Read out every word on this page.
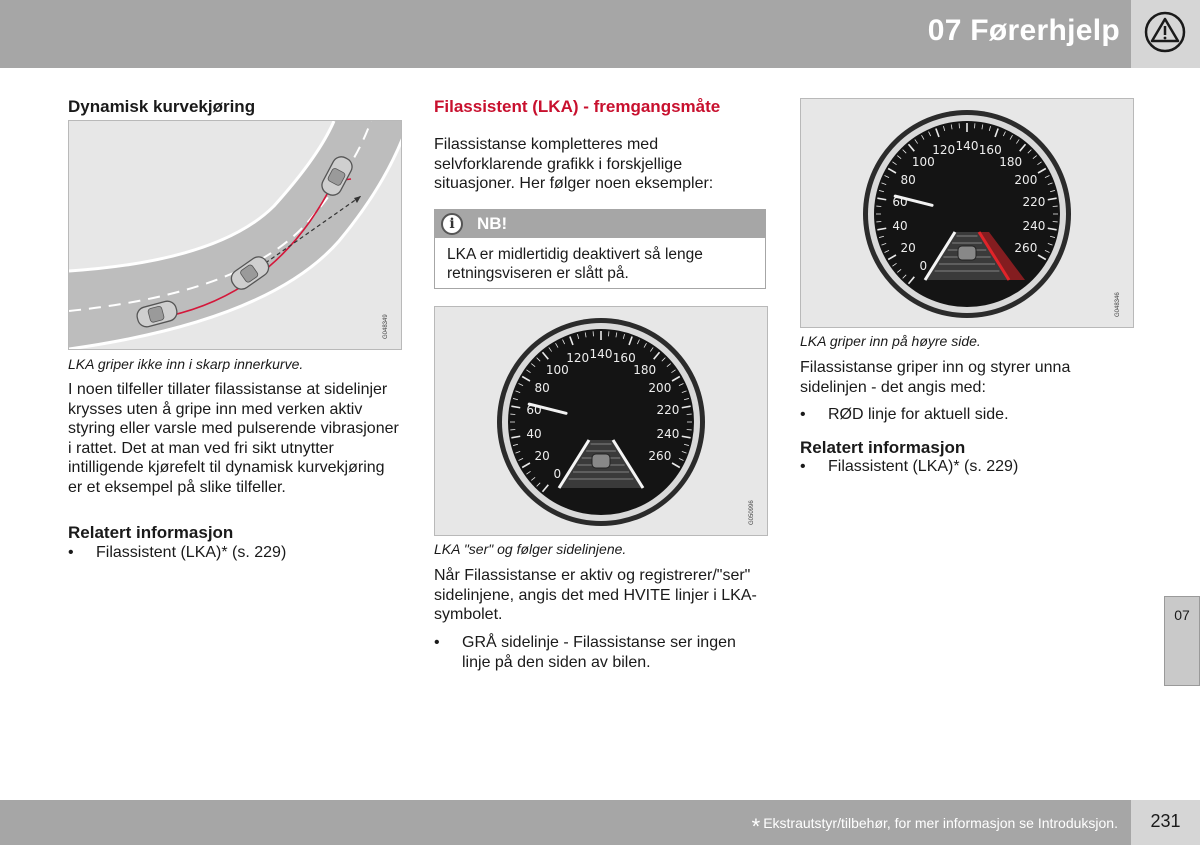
07 Førerhjelp
Dynamisk kurvekjøring
G048349
LKA griper ikke inn i skarp innerkurve.

I noen tilfeller tillater filassistanse at sidelinjer krysses uten å gripe inn med verken aktiv styring eller varsle med pulserende vibrasjoner i rattet. Det at man ved fri sikt utnytter intilligende kjørefelt til dynamisk kurvekjøring er et eksempel på slike tilfeller.

Relatert informasjon
• Filassistent (LKA)* (s. 229)
Filassistent (LKA) - fremgangsmåte

Filassistanse kompletteres med selvforklarende grafikk i forskjellige situasjoner. Her følger noen eksempler:

i	NB!
LKA er midlertidig deaktivert så lenge retningsviseren er slått på.
0
20
40
60
80
100
120 140 160
180
200
220
240
260
G050996
LKA "ser" og følger sidelinjene.

Når Filassistanse er aktiv og registrerer/"ser" sidelinjene, angis det med HVITE linjer i LKA-symbolet.

• GRÅ sidelinje - Filassistanse ser ingen linje på den siden av bilen.
0
20
40
60
80
100
120 140 160
180
200
220
240
260
G048346
LKA griper inn på høyre side.

Filassistanse griper inn og styrer unna sidelinjen - det angis med:

• RØD linje for aktuell side.
Relatert informasjon
• Filassistent (LKA)* (s. 229)
07
* Ekstrautstyr/tilbehør, for mer informasjon se Introduksjon.	231
